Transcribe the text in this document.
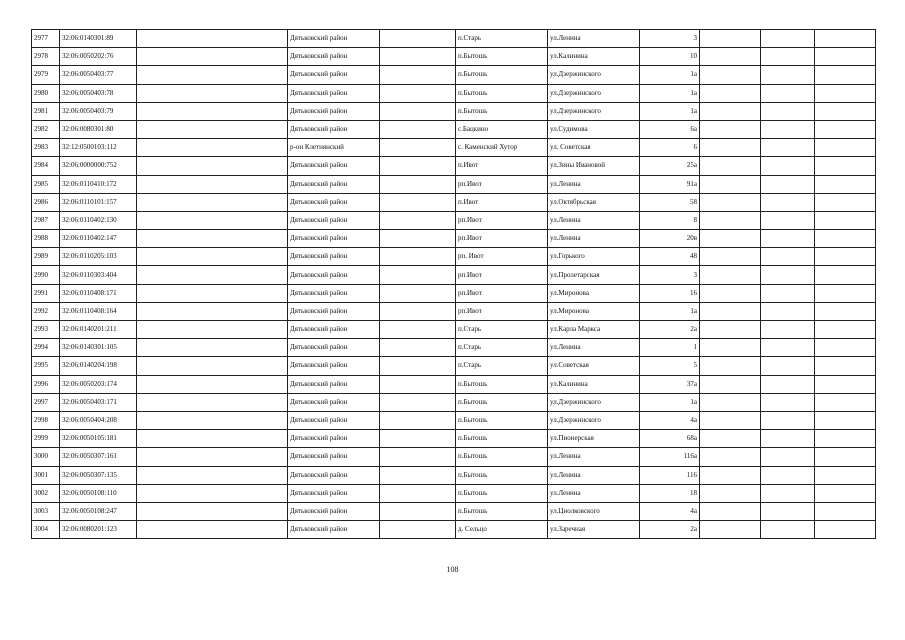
2977	32:06:0140301:89		Дятьковский район		п.Старь	ул.Ленина	3			
2978	32:06:0050202:76		Дятьковский район		п.Бытошь	ул.Калинина	10			
2979	32:06:0050403:77		Дятьковский район		п.Бытошь	ул.Дзержинского	1а			
2980	32:06:0050403:78		Дятьковский район		п.Бытошь	ул.Дзержинского	1а			
2981	32:06:0050403:79		Дятьковский район		п.Бытошь	ул.Дзержинского	1а			
2982	32:06:0080301:80		Дятьковский район		с.Бацкино	ул.Судимова	6а			
2983	32:12:0500103:112		р-он Клетнянский		с. Каменский Хутор	ул. Советская	6			
2984	32:06:0000000:752		Дятьковский район		п.Ивот	ул.Зины Ивановой	25а			
2985	32:06:0110410:172		Дятьковский район		рп.Ивот	ул.Ленина	91а			
2986	32:06:0110101:157		Дятьковский район		п.Ивот	ул.Октябрьская	58			
2987	32:06:0110402:130		Дятьковский район		рп.Ивот	ул.Ленина	8			
2988	32:06:0110402:147		Дятьковский район		рп.Ивот	ул.Ленина	20в			
2989	32:06:0110205:103		Дятьковский район		рп. Ивот	ул.Горького	48			
2990	32:06:0110303:404		Дятьковский район		рп.Ивот	ул.Пролетарская	3			
2991	32:06:0110408:171		Дятьковский район		рп.Ивот	ул.Миронова	16			
2992	32:06:0110408:164		Дятьковский район		рп.Ивот	ул.Миронова	1а			
2993	32:06:0140201:211		Дятьковский район		п.Старь	ул.Карла Маркса	2а			
2994	32:06:0140301:105		Дятьковский район		п.Старь	ул.Ленина	1			
2995	32:06:0140204:198		Дятьковский район		п.Старь	ул.Советская	5			
2996	32:06:0050203:174		Дятьковский район		п.Бытошь	ул.Калинина	37а			
2997	32:06:0050403:171		Дятьковский район		п.Бытошь	ул.Дзержинского	1а			
2998	32:06:0050404:208		Дятьковский район		п.Бытошь	ул.Дзержинского	4а			
2999	32:06:0050105:181		Дятьковский район		п.Бытошь	ул.Пионерская	68а			
3000	32:06:0050307:161		Дятьковский район		п.Бытошь	ул.Ленина	116а			
3001	32:06:0050307:135		Дятьковский район		п.Бытошь	ул.Ленина	116			
3002	32:06:0050108:110		Дятьковский район		п.Бытошь	ул.Ленина	18			
3003	32:06:0050108:247		Дятьковский район		п.Бытошь	ул.Циолковского	4а			
3004	32:06:0080201:123		Дятьковский район		д. Сельцо	ул.Заречная	2а			
108
